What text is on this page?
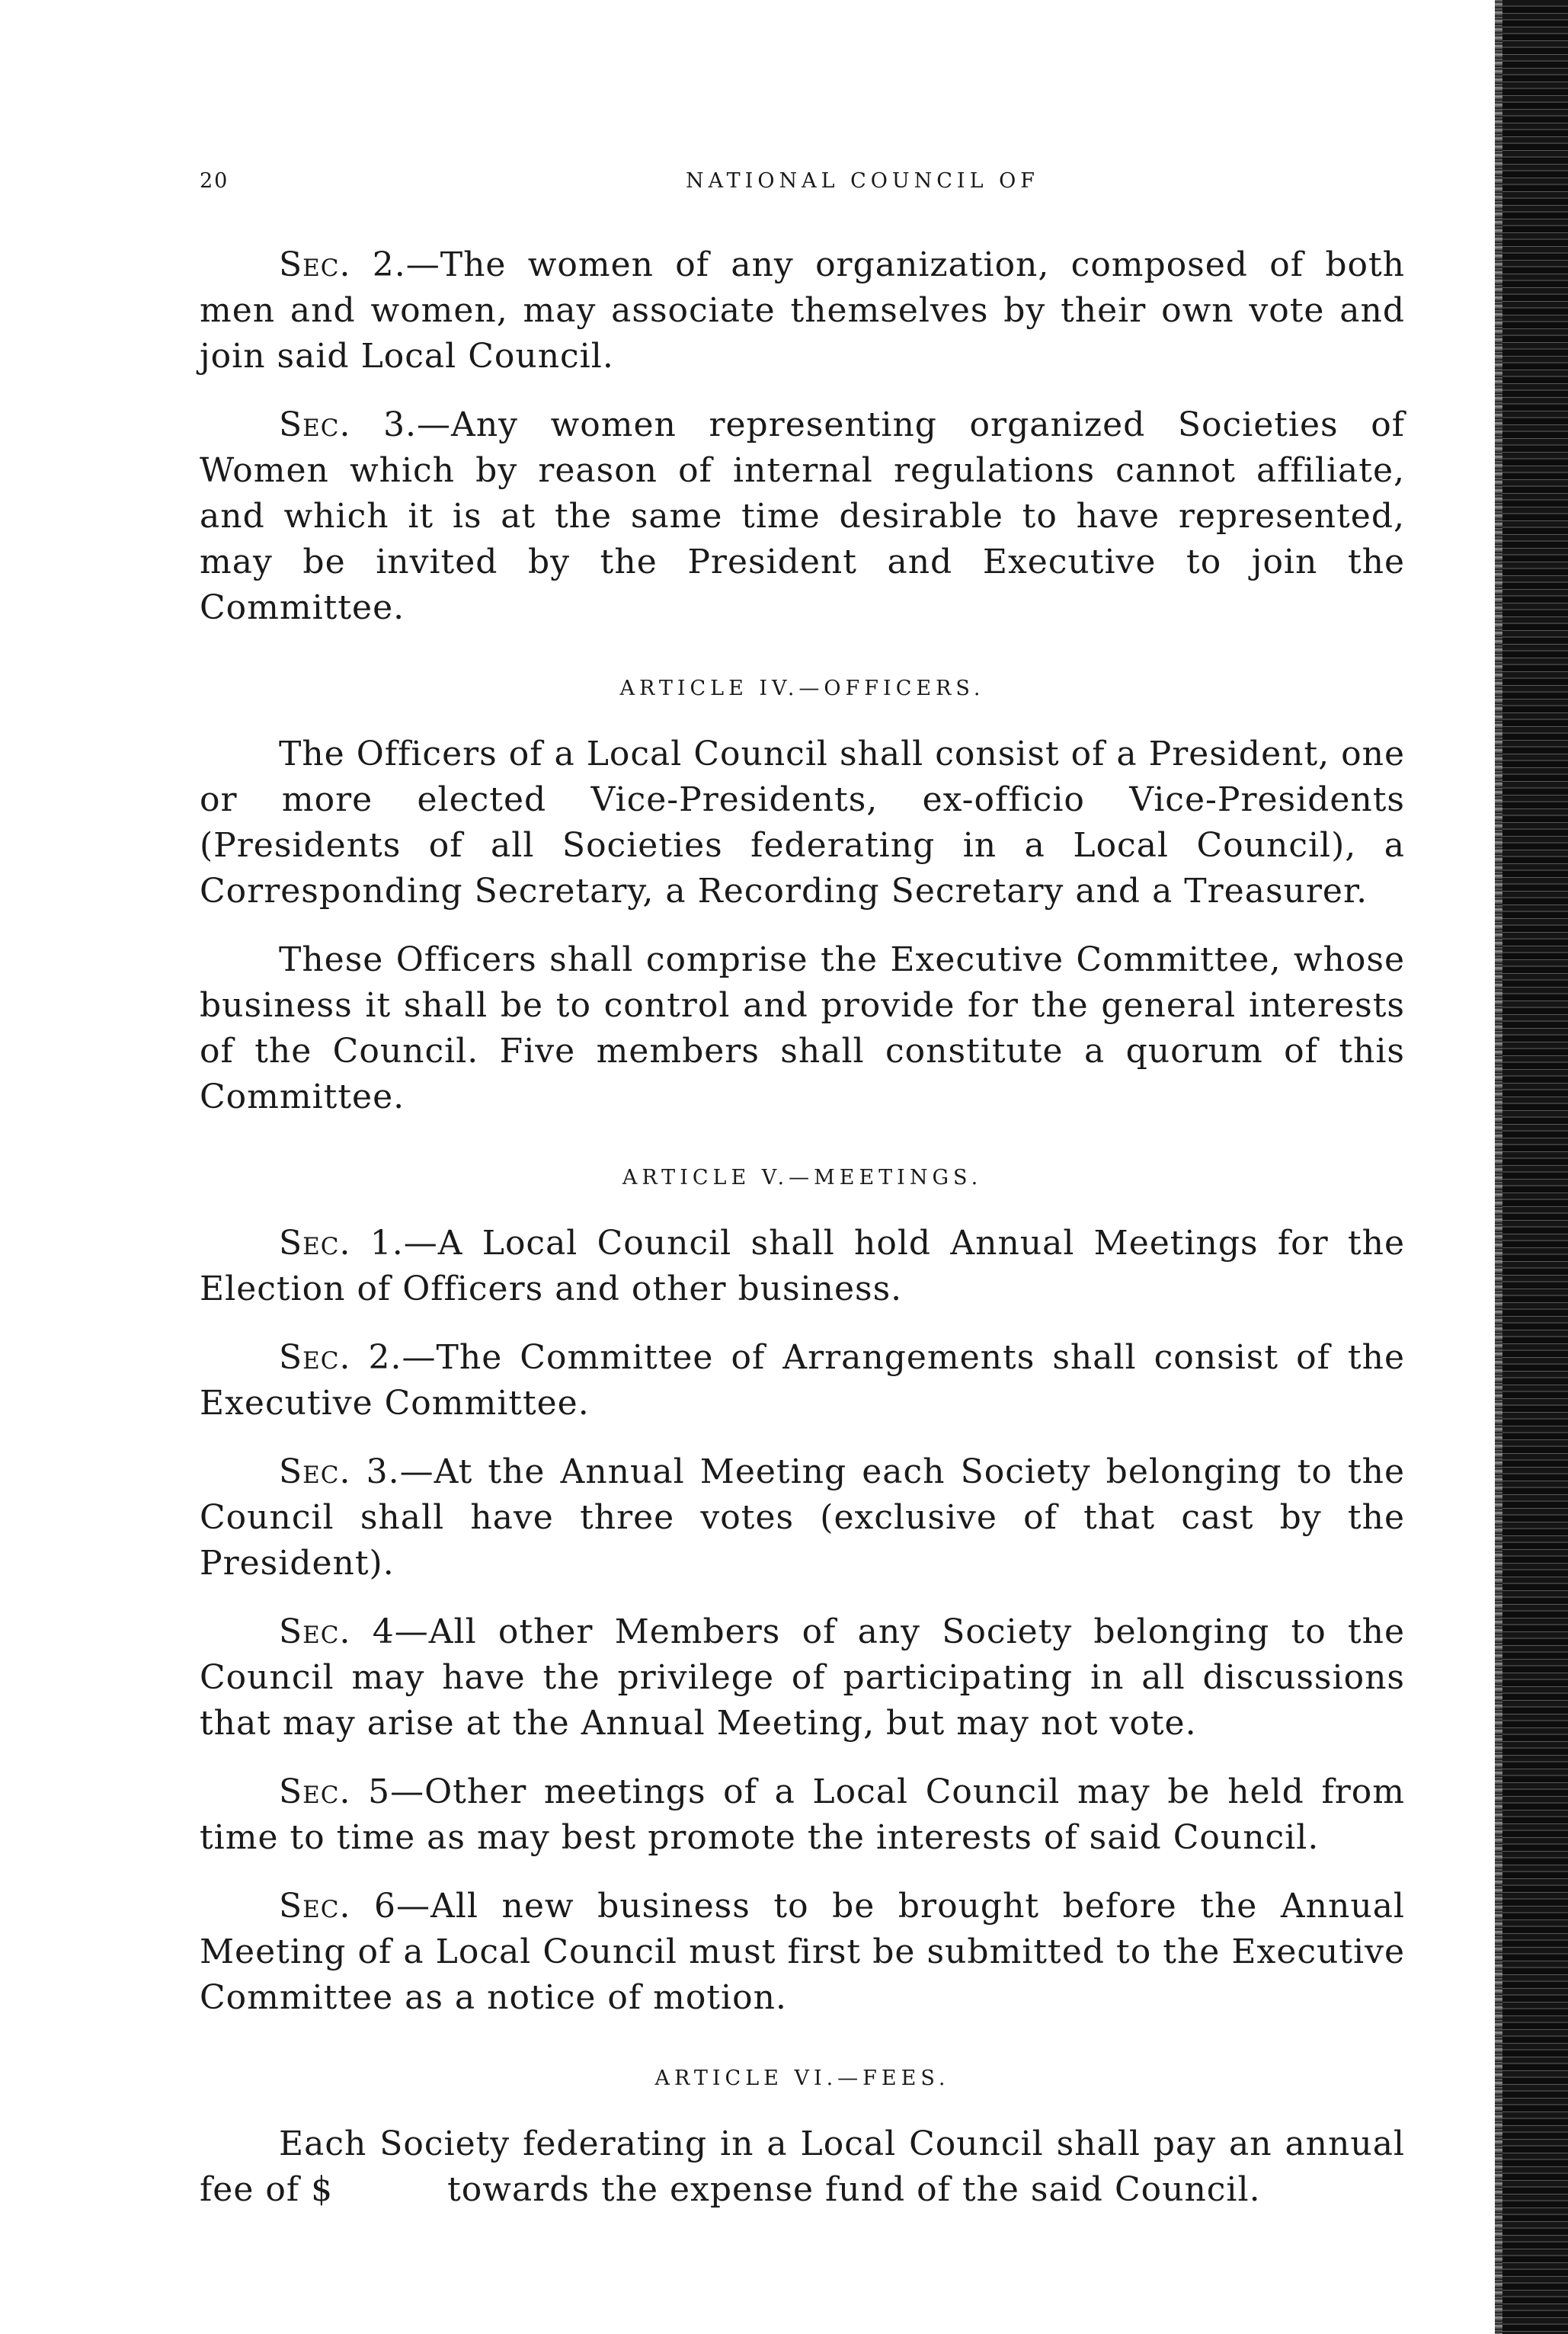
20	NATIONAL COUNCIL OF

Sec. 2.—The women of any organization, composed of both men and women, may associate themselves by their own vote and join said Local Council.

Sec. 3.—Any women representing organized Societies of Women which by reason of internal regulations cannot affiliate, and which it is at the same time desirable to have represented, may be invited by the President and Executive to join the Committee.

ARTICLE IV.—OFFICERS.

The Officers of a Local Council shall consist of a President, one or more elected Vice-Presidents, ex-officio Vice-Presidents (Presidents of all Societies federating in a Local Council), a Corresponding Secretary, a Recording Secretary and a Treasurer.

These Officers shall comprise the Executive Committee, whose business it shall be to control and provide for the general interests of the Council. Five members shall constitute a quorum of this Committee.

ARTICLE V.—MEETINGS.

Sec. 1.—A Local Council shall hold Annual Meetings for the Election of Officers and other business.

Sec. 2.—The Committee of Arrangements shall consist of the Executive Committee.

Sec. 3.—At the Annual Meeting each Society belonging to the Council shall have three votes (exclusive of that cast by the President).

Sec. 4—All other Members of any Society belonging to the Council may have the privilege of participating in all discussions that may arise at the Annual Meeting, but may not vote.

Sec. 5—Other meetings of a Local Council may be held from time to time as may best promote the interests of said Council.

Sec. 6—All new business to be brought before the Annual Meeting of a Local Council must first be submitted to the Executive Committee as a notice of motion.

ARTICLE VI.—FEES.

Each Society federating in a Local Council shall pay an annual fee of $	towards the expense fund of the said Council.
